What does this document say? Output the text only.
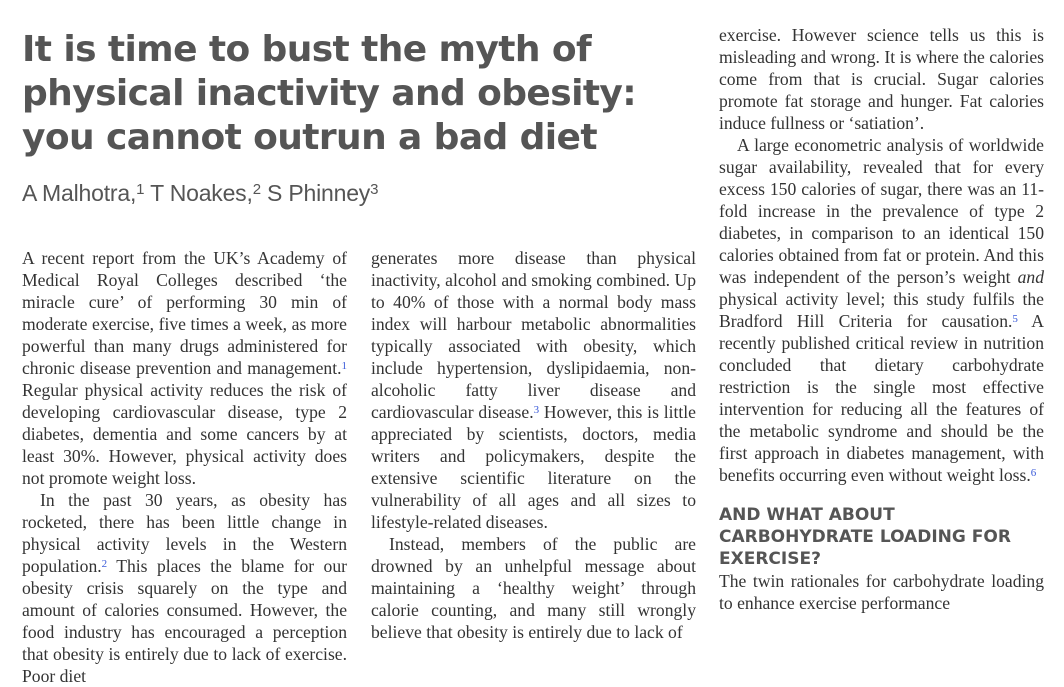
It is time to bust the myth of physical inactivity and obesity: you cannot outrun a bad diet
A Malhotra,$^1$ T Noakes,$^2$ S Phinney$^3$

A recent report from the UK’s Academy of Medical Royal Colleges described ‘the miracle cure’ of performing 30 min of moderate exercise, five times a week, as more powerful than many drugs administered for chronic disease prevention and management.$^1$ Regular physical activity reduces the risk of developing cardiovascular disease, type 2 diabetes, dementia and some cancers by at least 30%. However, physical activity does not promote weight loss.

In the past 30 years, as obesity has rocketed, there has been little change in physical activity levels in the Western population.$^2$ This places the blame for our obesity crisis squarely on the type and amount of calories consumed. However, the food industry has encouraged a perception that obesity is entirely due to lack of exercise. Poor diet

generates more disease than physical inactivity, alcohol and smoking combined. Up to 40% of those with a normal body mass index will harbour metabolic abnormalities typically associated with obesity, which include hypertension, dyslipidaemia, non-alcoholic fatty liver disease and cardiovascular disease.$^3$ However, this is little appreciated by scientists, doctors, media writers and policymakers, despite the extensive scientific literature on the vulnerability of all ages and all sizes to lifestyle-related diseases.

Instead, members of the public are drowned by an unhelpful message about maintaining a ‘healthy weight’ through calorie counting, and many still wrongly believe that obesity is entirely due to lack of

exercise. However science tells us this is misleading and wrong. It is where the calories come from that is crucial. Sugar calories promote fat storage and hunger. Fat calories induce fullness or ‘satiation’.

A large econometric analysis of worldwide sugar availability, revealed that for every excess 150 calories of sugar, there was an 11-fold increase in the prevalence of type 2 diabetes, in comparison to an identical 150 calories obtained from fat or protein. And this was independent of the person’s weight and physical activity level; this study fulfils the Bradford Hill Criteria for causation.$^5$ A recently published critical review in nutrition concluded that dietary carbohydrate restriction is the single most effective intervention for reducing all the features of the metabolic syndrome and should be the first approach in diabetes management, with benefits occurring even without weight loss.$^6$

AND WHAT ABOUT CARBOHYDRATE LOADING FOR EXERCISE?

The twin rationales for carbohydrate loading to enhance exercise performance
